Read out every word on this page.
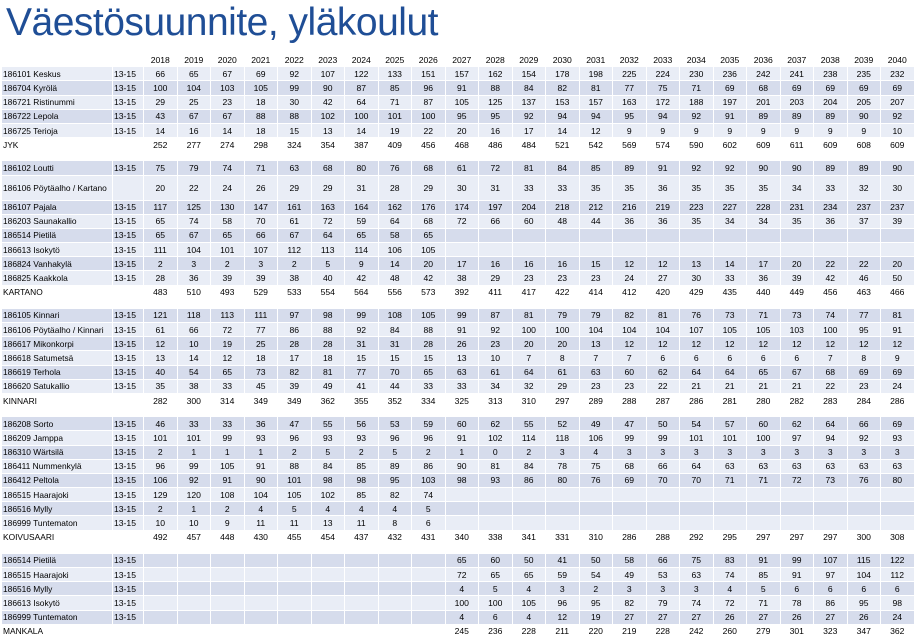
Väestösuunnite, yläkoulut
		2018	2019	2020	2021	2022	2023	2024	2025	2026	2027	2028	2029	2030	2031	2032	2033	2034	2035	2036	2037	2038	2039	2040
186101 Keskus	13-15	66	65	67	69	92	107	122	133	151	157	162	154	178	198	225	224	230	236	242	241	238	235	232
186704 Kyrölä	13-15	100	104	103	105	99	90	87	85	96	91	88	84	82	81	77	75	71	69	68	69	69	69	69
186721 Ristinummi	13-15	29	25	23	18	30	42	64	71	87	105	125	137	153	157	163	172	188	197	201	203	204	205	207
186722 Lepola	13-15	43	67	67	88	88	102	100	101	100	95	95	92	94	94	95	94	92	91	89	89	89	90	92
186725 Terioja	13-15	14	16	14	18	15	13	14	19	22	20	16	17	14	12	9	9	9	9	9	9	9	9	10
JYK		252	277	274	298	324	354	387	409	456	468	486	484	521	542	569	574	590	602	609	611	609	608	609

186102 Loutti	13-15	75	79	74	71	63	68	80	76	68	61	72	81	84	85	89	91	92	92	90	90	89	89	90
186106 Pöytäalho / Kartano		20	22	24	26	29	29	31	28	29	30	31	33	33	35	35	36	35	35	35	34	33	32	30
186107 Pajala	13-15	117	125	130	147	161	163	164	162	176	174	197	204	218	212	216	219	223	227	228	231	234	237	237
186203 Saunakallio	13-15	65	74	58	70	61	72	59	64	68	72	66	60	48	44	36	36	35	34	34	35	36	37	39
186514 Pietilä	13-15	65	67	65	66	67	64	65	58	65														
186613 Isokytö	13-15	111	104	101	107	112	113	114	106	105														
186824 Vanhakylä	13-15	2	3	2	3	2	5	9	14	20	17	16	16	16	15	12	12	13	14	17	20	22	22	20
186825 Kaakkola	13-15	28	36	39	39	38	40	42	48	42	38	29	23	23	23	24	27	30	33	36	39	42	46	50
KARTANO		483	510	493	529	533	554	564	556	573	392	411	417	422	414	412	420	429	435	440	449	456	463	466

186105 Kinnari	13-15	121	118	113	111	97	98	99	108	105	99	87	81	79	79	82	81	76	73	71	73	74	77	81
186106 Pöytäalho / Kinnari	13-15	61	66	72	77	86	88	92	84	88	91	92	100	100	104	104	104	107	105	105	103	100	95	91
186617 Mikonkorpi	13-15	12	10	19	25	28	28	31	31	28	26	23	20	20	13	12	12	12	12	12	12	12	12	12
186618 Satumetsä	13-15	13	14	12	18	17	18	15	15	15	13	10	7	8	7	7	6	6	6	6	6	7	8	9
186619 Terhola	13-15	40	54	65	73	82	81	77	70	65	63	61	64	61	63	60	62	64	64	65	67	68	69	69
186620 Satukallio	13-15	35	38	33	45	39	49	41	44	33	33	34	32	29	23	23	22	21	21	21	21	22	23	24
KINNARI		282	300	314	349	349	362	355	352	334	325	313	310	297	289	288	287	286	281	280	282	283	284	286

186208 Sorto	13-15	46	33	33	36	47	55	56	53	59	60	62	55	52	49	47	50	54	57	60	62	64	66	69
186209 Jamppa	13-15	101	101	99	93	96	93	93	96	96	91	102	114	118	106	99	99	101	101	100	97	94	92	93
186310 Wärtsilä	13-15	2	1	1	1	2	5	2	5	2	1	0	2	3	4	3	3	3	3	3	3	3	3	3
186411 Nummenkylä	13-15	96	99	105	91	88	84	85	89	86	90	81	84	78	75	68	66	64	63	63	63	63	63	63
186412 Peltola	13-15	106	92	91	90	101	98	98	95	103	98	93	86	80	76	69	70	70	71	71	72	73	76	80
186515 Haarajoki	13-15	129	120	108	104	105	102	85	82	74														
186516 Mylly	13-15	2	1	2	4	5	4	4	4	5														
186999 Tuntematon	13-15	10	10	9	11	11	13	11	8	6														
KOIVUSAARI		492	457	448	430	455	454	437	432	431	340	338	341	331	310	286	288	292	295	297	297	297	300	308

186514 Pietilä	13-15										65	60	50	41	50	58	66	75	83	91	99	107	115	122
186515 Haarajoki	13-15										72	65	65	59	54	49	53	63	74	85	91	97	104	112
186516 Mylly	13-15										4	5	4	3	2	3	3	3	4	5	6	6	6	6
186613 Isokytö	13-15										100	100	105	96	95	82	79	74	72	71	78	86	95	98
186999 Tuntematon	13-15										4	6	4	12	19	27	27	27	26	27	26	27	26	24
MANKALA											245	236	228	211	220	219	228	242	260	279	301	323	347	362
